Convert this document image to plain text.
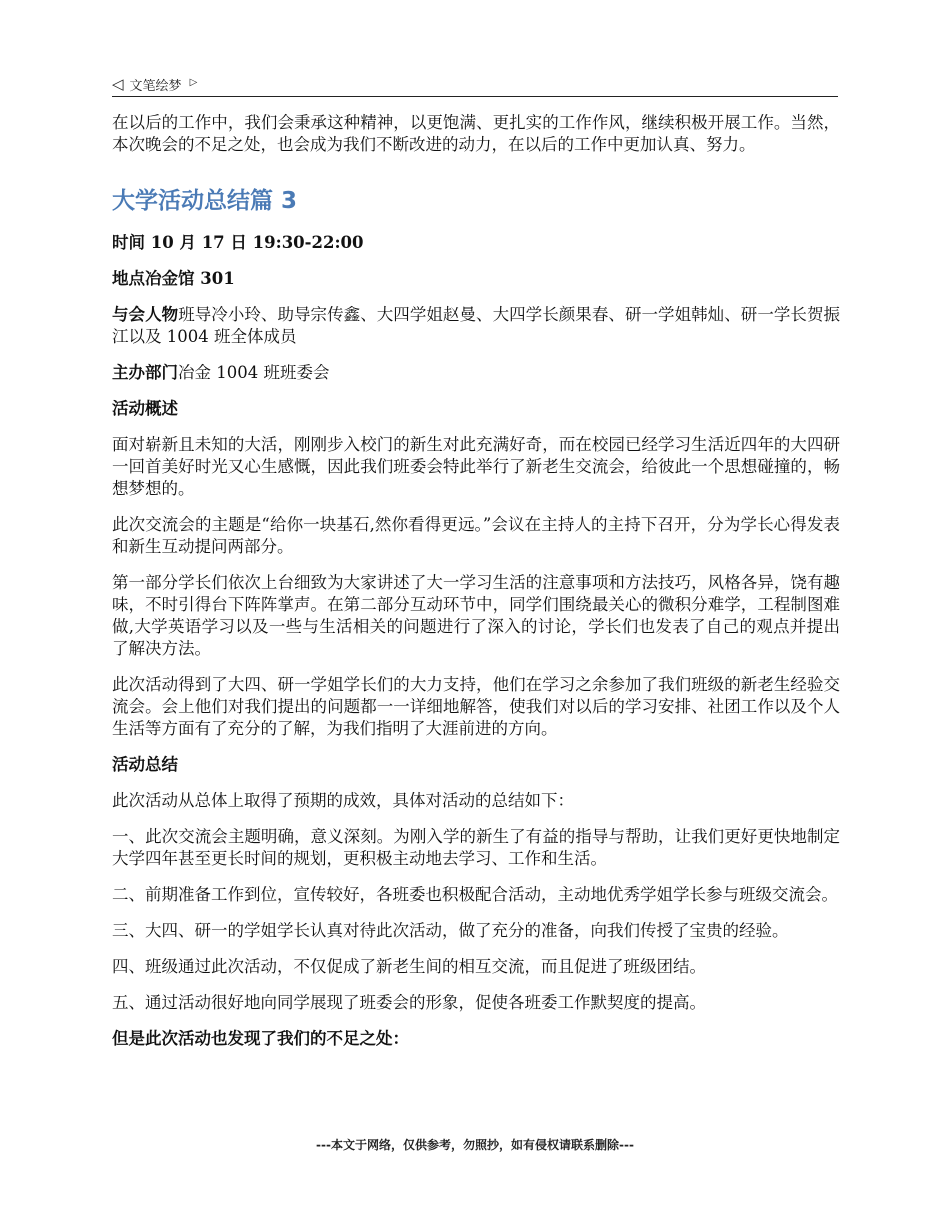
◁ 文笔绘梦 ▷

在以后的工作中，我们会秉承这种精神，以更饱满、更扎实的工作作风，继续积极开展工作。当然，本次晚会的不足之处，也会成为我们不断改进的动力，在以后的工作中更加认真、努力。

大学活动总结篇 3

时间 10 月 17 日 19:30-22:00

地点冶金馆 301

与会人物班导冷小玲、助导宗传鑫、大四学姐赵曼、大四学长颜果春、研一学姐韩灿、研一学长贺振江以及 1004 班全体成员

主办部门冶金 1004 班班委会

活动概述

面对崭新且未知的大活，刚刚步入校门的新生对此充满好奇，而在校园已经学习生活近四年的大四研一回首美好时光又心生感慨，因此我们班委会特此举行了新老生交流会，给彼此一个思想碰撞的，畅想梦想的。

此次交流会的主题是“给你一块基石,然你看得更远。”会议在主持人的主持下召开，分为学长心得发表和新生互动提问两部分。

第一部分学长们依次上台细致为大家讲述了大一学习生活的注意事项和方法技巧，风格各异，饶有趣味，不时引得台下阵阵掌声。在第二部分互动环节中，同学们围绕最关心的微积分难学，工程制图难做,大学英语学习以及一些与生活相关的问题进行了深入的讨论，学长们也发表了自己的观点并提出了解决方法。

此次活动得到了大四、研一学姐学长们的大力支持，他们在学习之余参加了我们班级的新老生经验交流会。会上他们对我们提出的问题都一一详细地解答，使我们对以后的学习安排、社团工作以及个人生活等方面有了充分的了解，为我们指明了大涯前进的方向。

活动总结

此次活动从总体上取得了预期的成效，具体对活动的总结如下：

一、此次交流会主题明确，意义深刻。为刚入学的新生了有益的指导与帮助，让我们更好更快地制定大学四年甚至更长时间的规划，更积极主动地去学习、工作和生活。

二、前期准备工作到位，宣传较好，各班委也积极配合活动，主动地优秀学姐学长参与班级交流会。

三、大四、研一的学姐学长认真对待此次活动，做了充分的准备，向我们传授了宝贵的经验。

四、班级通过此次活动，不仅促成了新老生间的相互交流，而且促进了班级团结。

五、通过活动很好地向同学展现了班委会的形象，促使各班委工作默契度的提高。

但是此次活动也发现了我们的不足之处：

---本文于网络，仅供参考，勿照抄，如有侵权请联系删除---
